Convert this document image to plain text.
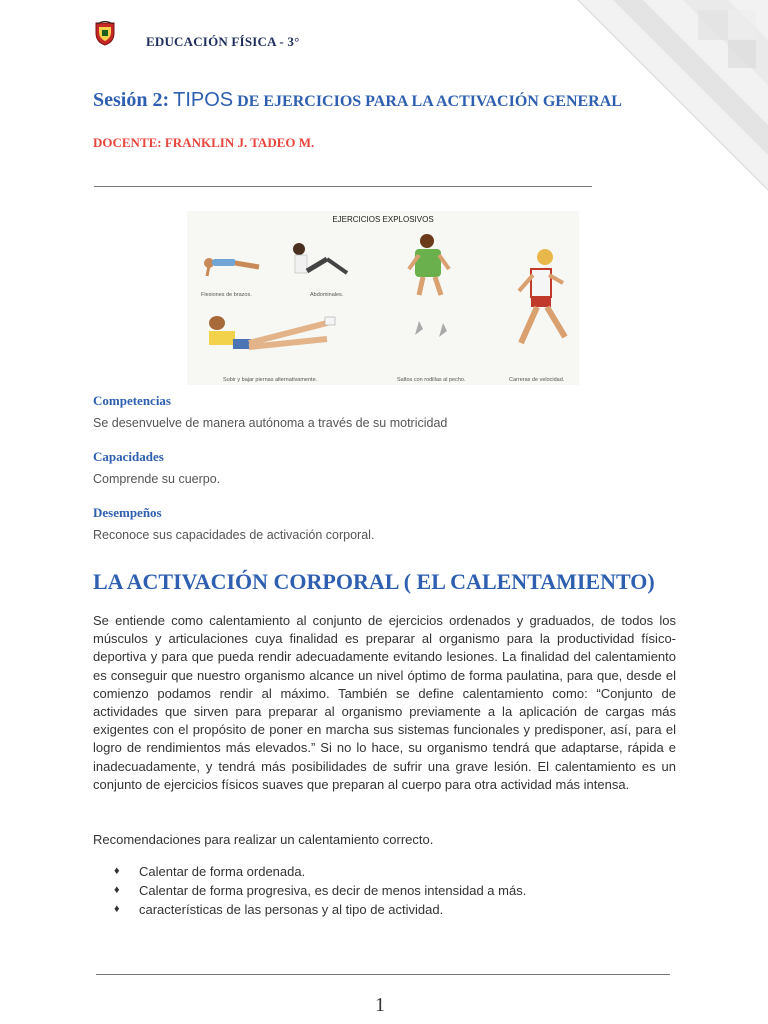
EDUCACIÓN FÍSICA - 3°
Sesión 2: TIPOS DE EJERCICIOS PARA LA ACTIVACIÓN GENERAL
DOCENTE: FRANKLIN J. TADEO M.
EJERCICIOS EXPLOSIVOS
Flexiones de brazos.	Abdominales.
Subir y bajar piernas alternativamente.	Saltos con rodillas al pecho.	Carreras de velocidad.
Competencias
Se desenvuelve de manera autónoma a través de su motricidad
Capacidades
Comprende su cuerpo.
Desempeños
Reconoce sus capacidades de activación corporal.
LA ACTIVACIÓN CORPORAL ( EL CALENTAMIENTO)
Se entiende como calentamiento al conjunto de ejercicios ordenados y graduados, de todos los músculos y articulaciones cuya finalidad es preparar al organismo para la productividad físico-deportiva y para que pueda rendir adecuadamente evitando lesiones. La finalidad del calentamiento es conseguir que nuestro organismo alcance un nivel óptimo de forma paulatina, para que, desde el comienzo podamos rendir al máximo. También se define calentamiento como: “Conjunto de actividades que sirven para preparar al organismo previamente a la aplicación de cargas más exigentes con el propósito de poner en marcha sus sistemas funcionales y predisponer, así, para el logro de rendimientos más elevados.” Si no lo hace, su organismo tendrá que adaptarse, rápida e inadecuadamente, y tendrá más posibilidades de sufrir una grave lesión. El calentamiento es un conjunto de ejercicios físicos suaves que preparan al cuerpo para otra actividad más intensa.
Recomendaciones para realizar un calentamiento correcto.
♦ Calentar de forma ordenada.
♦ Calentar de forma progresiva, es decir de menos intensidad a más.
♦ características de las personas y al tipo de actividad.
1
